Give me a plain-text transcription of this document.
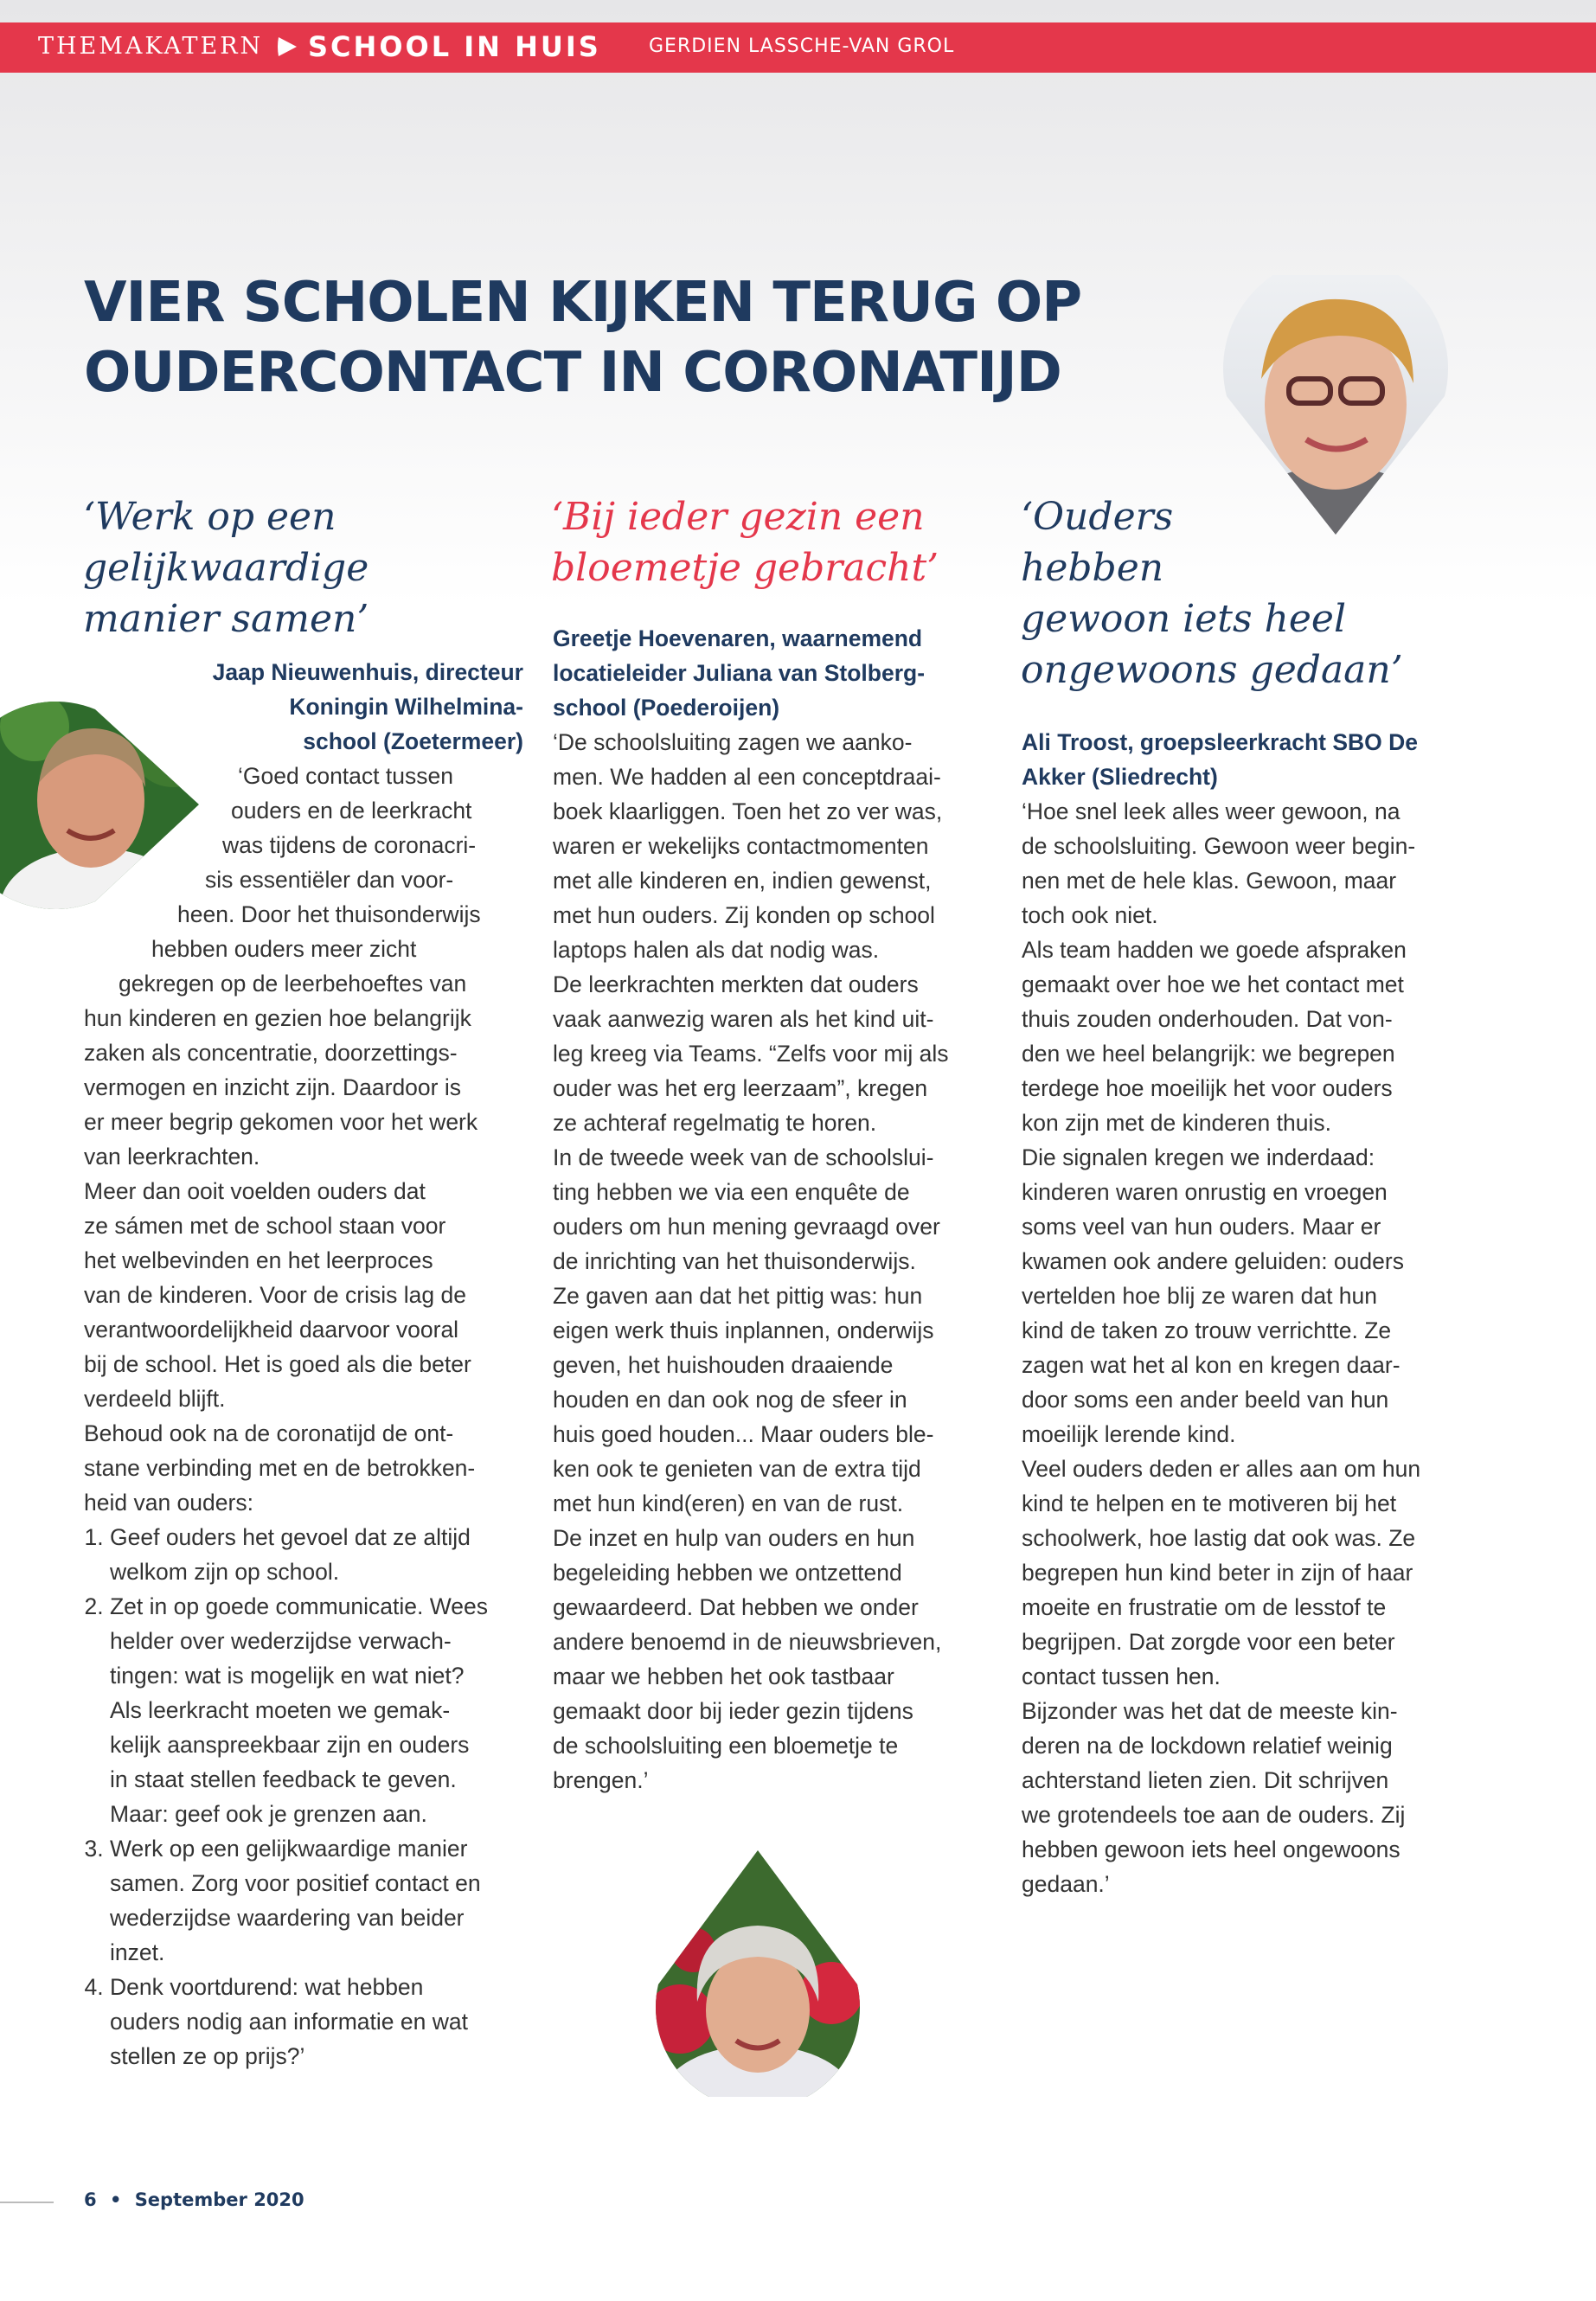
THEMAKATERN SCHOOL IN HUIS	GERDIEN LASSCHE-VAN GROL
VIER SCHOLEN KIJKEN TERUG OP
OUDERCONTACT IN CORONATIJD
‘Werk op een
gelijkwaardige
manier samen’
Jaap Nieuwenhuis, directeur
Koningin Wilhelmina-
school (Zoetermeer)

‘Goed contact tussen
ouders en de leerkracht
was tijdens de coronacri-
sis essentiëler dan voor-
heen. Door het thuisonderwijs
hebben ouders meer zicht
gekregen op de leerbehoeftes van
hun kinderen en gezien hoe belangrijk
zaken als concentratie, doorzettings-
vermogen en inzicht zijn. Daardoor is
er meer begrip gekomen voor het werk
van leerkrachten.
Meer dan ooit voelden ouders dat
ze sámen met de school staan voor
het welbevinden en het leerproces
van de kinderen. Voor de crisis lag de
verantwoordelijkheid daarvoor vooral
bij de school. Het is goed als die beter
verdeeld blijft.
Behoud ook na de coronatijd de ont-
stane verbinding met en de betrokken-
heid van ouders:

1. Geef ouders het gevoel dat ze altijd
welkom zijn op school.
2. Zet in op goede communicatie. Wees
helder over wederzijdse verwach-
tingen: wat is mogelijk en wat niet?
Als leerkracht moeten we gemak-
kelijk aanspreekbaar zijn en ouders
in staat stellen feedback te geven.
Maar: geef ook je grenzen aan.
3. Werk op een gelijkwaardige manier
samen. Zorg voor positief contact en
wederzijdse waardering van beider
inzet.
4. Denk voortdurend: wat hebben
ouders nodig aan informatie en wat
stellen ze op prijs?’
‘Bij ieder gezin een
bloemetje gebracht’
Greetje Hoevenaren, waarnemend
locatieleider Juliana van Stolberg-
school (Poederoijen)

‘De schoolsluiting zagen we aanko-
men. We hadden al een conceptdraai-
boek klaarliggen. Toen het zo ver was,
waren er wekelijks contactmomenten
met alle kinderen en, indien gewenst,
met hun ouders. Zij konden op school
laptops halen als dat nodig was.
De leerkrachten merkten dat ouders
vaak aanwezig waren als het kind uit-
leg kreeg via Teams. “Zelfs voor mij als
ouder was het erg leerzaam”, kregen
ze achteraf regelmatig te horen.
In de tweede week van de schoolslui-
ting hebben we via een enquête de
ouders om hun mening gevraagd over
de inrichting van het thuisonderwijs.
Ze gaven aan dat het pittig was: hun
eigen werk thuis inplannen, onderwijs
geven, het huishouden draaiende
houden en dan ook nog de sfeer in
huis goed houden... Maar ouders ble-
ken ook te genieten van de extra tijd
met hun kind(eren) en van de rust.
De inzet en hulp van ouders en hun
begeleiding hebben we ontzettend
gewaardeerd. Dat hebben we onder
andere benoemd in de nieuwsbrieven,
maar we hebben het ook tastbaar
gemaakt door bij ieder gezin tijdens
de schoolsluiting een bloemetje te
brengen.’

‘Ouders
hebben
gewoon iets heel
ongewoons gedaan’
Ali Troost, groepsleerkracht SBO De
Akker (Sliedrecht)

‘Hoe snel leek alles weer gewoon, na
de schoolsluiting. Gewoon weer begin-
nen met de hele klas. Gewoon, maar
toch ook niet.
Als team hadden we goede afspraken
gemaakt over hoe we het contact met
thuis zouden onderhouden. Dat von-
den we heel belangrijk: we begrepen
terdege hoe moeilijk het voor ouders
kon zijn met de kinderen thuis.
Die signalen kregen we inderdaad:
kinderen waren onrustig en vroegen
soms veel van hun ouders. Maar er
kwamen ook andere geluiden: ouders
vertelden hoe blij ze waren dat hun
kind de taken zo trouw verrichtte. Ze
zagen wat het al kon en kregen daar-
door soms een ander beeld van hun
moeilijk lerende kind.
Veel ouders deden er alles aan om hun
kind te helpen en te motiveren bij het
schoolwerk, hoe lastig dat ook was. Ze
begrepen hun kind beter in zijn of haar
moeite en frustratie om de lesstof te
begrijpen. Dat zorgde voor een beter
contact tussen hen.
Bijzonder was het dat de meeste kin-
deren na de lockdown relatief weinig
achterstand lieten zien. Dit schrijven
we grotendeels toe aan de ouders. Zij
hebben gewoon iets heel ongewoons
gedaan.’

6 • September 2020
